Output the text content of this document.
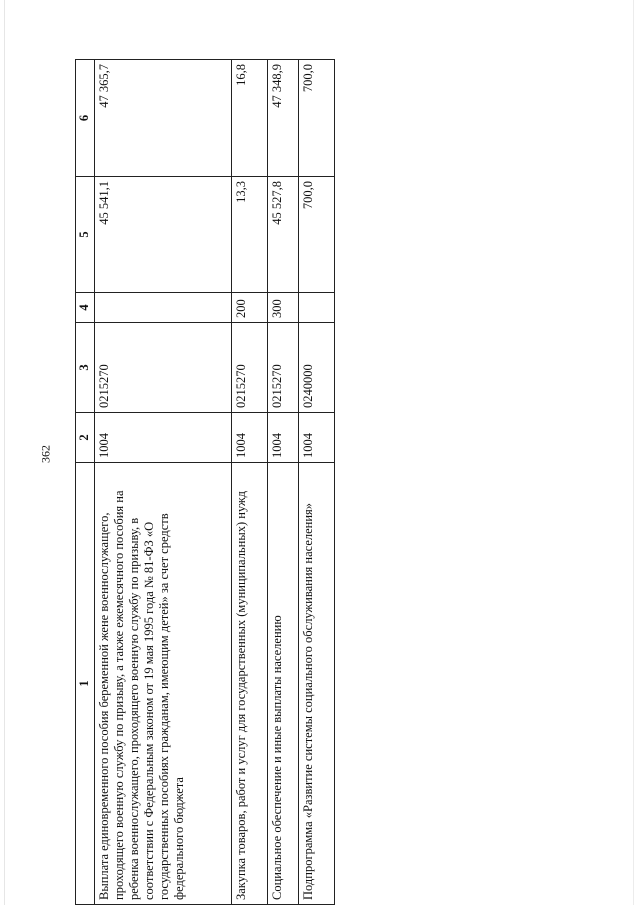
362
1	2	3	4	5	6
Выплата единовременного пособия беременной жене военнослужащего, проходящего военную службу по призыву, а также ежемесячного пособия на ребенка военнослужащего, проходящего военную службу по призыву, в соответствии с Федеральным законом от 19 мая 1995 года № 81-ФЗ «О государственных пособиях гражданам, имеющим детей» за счет средств федерального бюджета	1004	0215270		45 541,1	47 365,7
Закупка товаров, работ и услуг для государственных (муниципальных) нужд	1004	0215270	200	13,3	16,8
Социальное обеспечение и иные выплаты населению	1004	0215270	300	45 527,8	47 348,9
Подпрограмма «Развитие системы социального обслуживания населения»	1004	0240000		700,0	700,0
